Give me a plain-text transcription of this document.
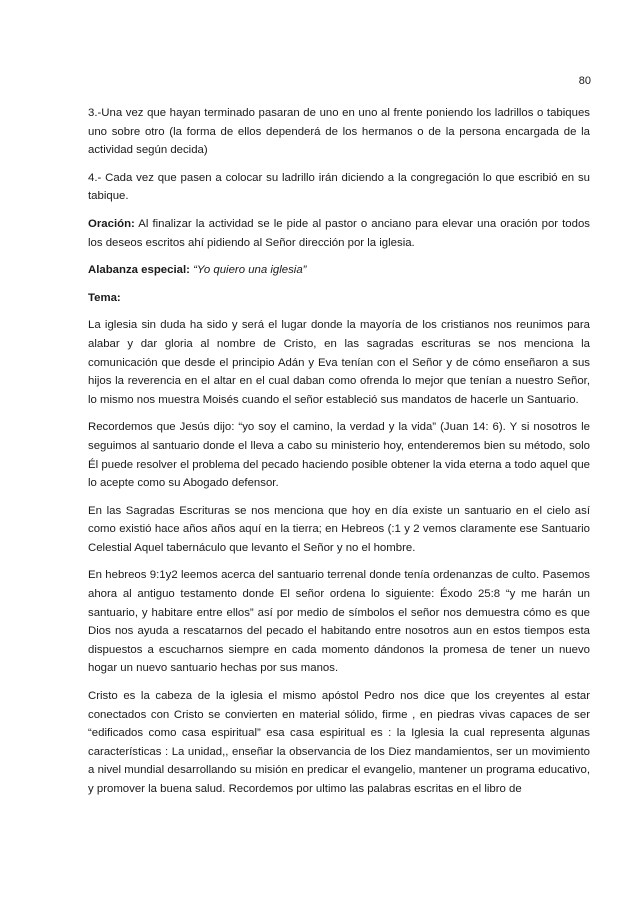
80

3.-Una vez que hayan terminado pasaran de uno en uno al frente poniendo los ladrillos o tabiques uno sobre otro (la forma de ellos dependerá de los hermanos o de la persona encargada de la actividad según decida)

4.- Cada vez que pasen a colocar su ladrillo irán diciendo a la congregación lo que escribió en su tabique.

Oración: Al finalizar la actividad se le pide al pastor o anciano para elevar una oración por todos los deseos escritos ahí pidiendo al Señor dirección por la iglesia.

Alabanza especial: “Yo quiero una iglesia”

Tema:

La iglesia sin duda ha sido y será el lugar donde la mayoría de los cristianos nos reunimos para alabar y dar gloria al nombre de Cristo, en las sagradas escrituras se nos menciona la comunicación que desde el principio Adán y Eva tenían con el Señor y de cómo enseñaron a sus hijos la reverencia en el altar en el cual daban como ofrenda lo mejor que tenían a nuestro Señor, lo mismo nos muestra Moisés cuando el señor estableció sus mandatos de hacerle un Santuario.

Recordemos que Jesús dijo: “yo soy el camino, la verdad y la vida” (Juan 14: 6). Y si nosotros le seguimos al santuario donde el lleva a cabo su ministerio hoy, entenderemos bien su método, solo Él puede resolver el problema del pecado haciendo posible obtener la vida eterna a todo aquel que lo acepte como su Abogado defensor.

En las Sagradas Escrituras se nos menciona que hoy en día existe un santuario en el cielo así como existió hace años años aquí en la tierra; en Hebreos (:1 y 2 vemos claramente ese Santuario Celestial Aquel tabernáculo que levanto el Señor y no el hombre.

En hebreos 9:1y2 leemos acerca del santuario terrenal donde tenía ordenanzas de culto. Pasemos ahora al antiguo testamento donde El señor ordena lo siguiente: Éxodo 25:8 “y me harán un santuario, y habitare entre ellos” así por medio de símbolos el señor nos demuestra cómo es que Dios nos ayuda a rescatarnos del pecado el habitando entre nosotros aun en estos tiempos esta dispuestos a escucharnos siempre en cada momento dándonos la promesa de tener un nuevo hogar un nuevo santuario hechas por sus manos.

Cristo es la cabeza de la iglesia el mismo apóstol Pedro nos dice que los creyentes al estar conectados con Cristo se convierten en material sólido, firme , en piedras vivas capaces de ser “edificados como casa espiritual” esa casa espiritual es : la Iglesia la cual representa algunas características : La unidad,, enseñar la observancia de los Diez mandamientos, ser un movimiento a nivel mundial desarrollando su misión en predicar el evangelio, mantener un programa educativo, y promover la buena salud. Recordemos por ultimo las palabras escritas en el libro de
